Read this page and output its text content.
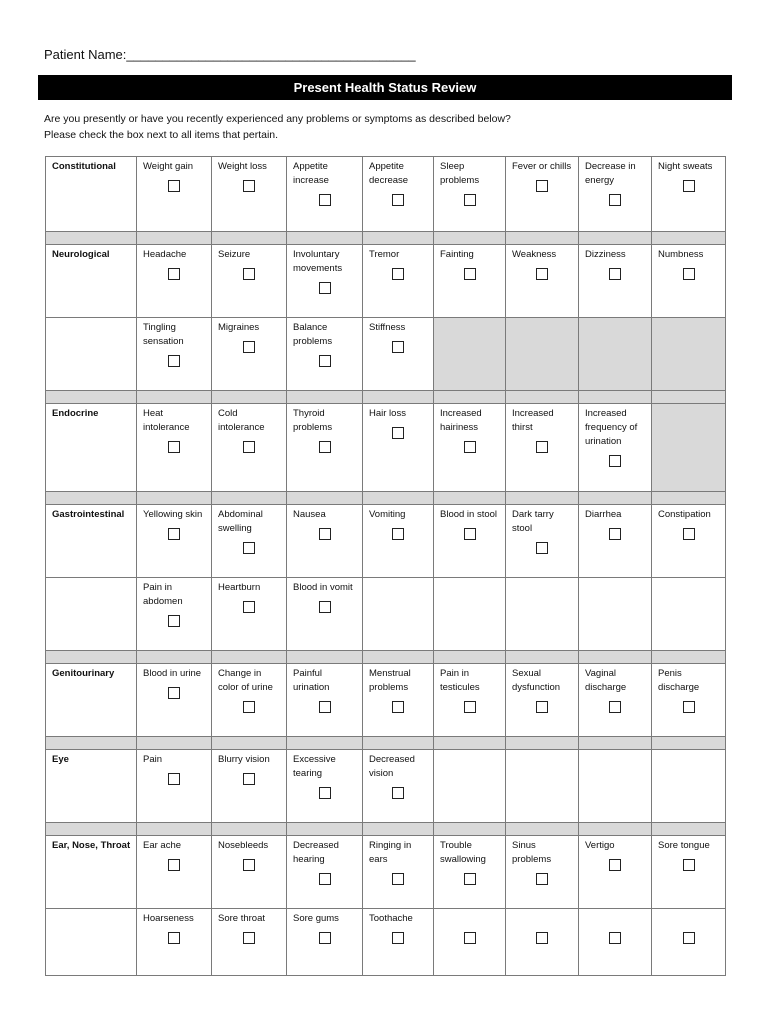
Patient Name:________________________________________
Present Health Status Review
Are you presently or have you recently experienced any problems or symptoms as described below?
Please check the box next to all items that pertain.
Constitutional	Weight gain	Weight loss	Appetite increase	Appetite decrease	Sleep problems	Fever or chills	Decrease in energy	Night sweats

Neurological	Headache	Seizure	Involuntary movements	Tremor	Fainting	Weakness	Dizziness	Numbness

	Tingling sensation	Migraines	Balance problems	Stiffness				

Endocrine	Heat intolerance	Cold intolerance	Thyroid problems	Hair loss	Increased hairiness	Increased thirst	Increased frequency of urination	

Gastrointestinal	Yellowing skin	Abdominal swelling	Nausea	Vomiting	Blood in stool	Dark tarry stool	Diarrhea	Constipation

	Pain in abdomen	Heartburn	Blood in vomit					

Genitourinary	Blood in urine	Change in color of urine	Painful urination	Menstrual problems	Pain in testicules	Sexual dysfunction	Vaginal discharge	Penis discharge

Eye	Pain	Blurry vision	Excessive tearing	Decreased vision				

Ear, Nose, Throat	Ear ache	Nosebleeds	Decreased hearing	Ringing in ears	Trouble swallowing	Sinus problems	Vertigo	Sore tongue

	Hoarseness	Sore throat	Sore gums	Toothache				
